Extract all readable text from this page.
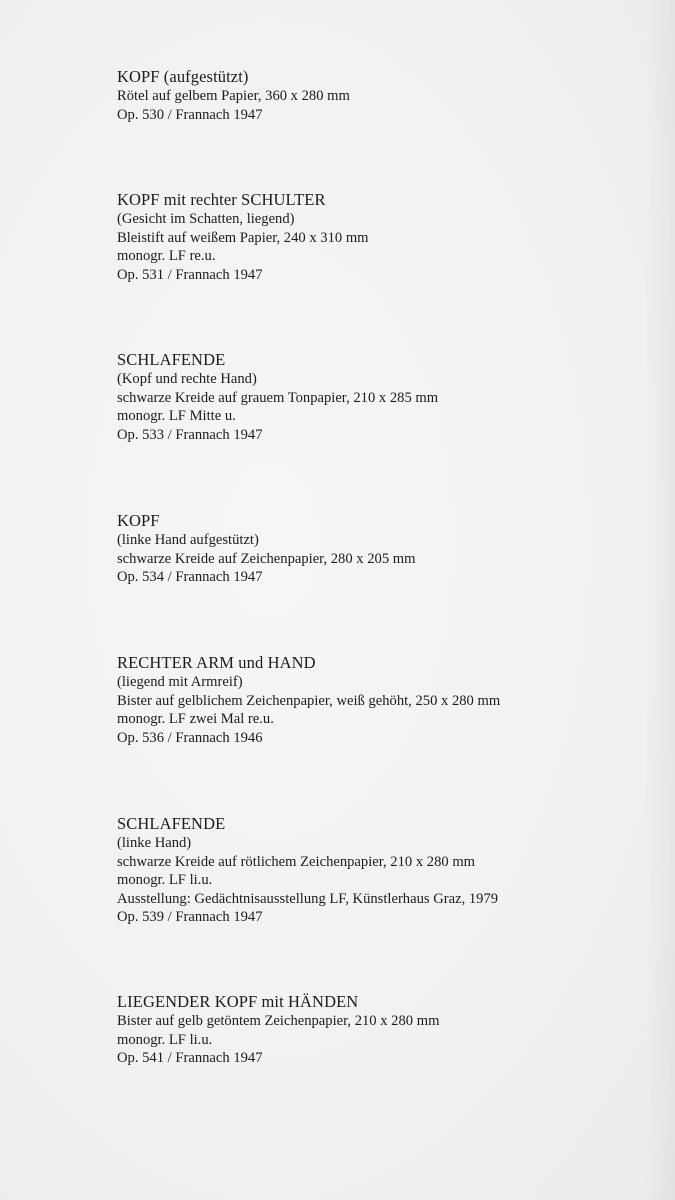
KOPF (aufgestützt)
Rötel auf gelbem Papier, 360 x 280 mm
Op. 530 / Frannach 1947
KOPF mit rechter SCHULTER
(Gesicht im Schatten, liegend)
Bleistift auf weißem Papier, 240 x 310 mm
monogr. LF re.u.
Op. 531 / Frannach 1947
SCHLAFENDE
(Kopf und rechte Hand)
schwarze Kreide auf grauem Tonpapier, 210 x 285 mm
monogr. LF Mitte u.
Op. 533 / Frannach 1947
KOPF
(linke Hand aufgestützt)
schwarze Kreide auf Zeichenpapier, 280 x 205 mm
Op. 534 / Frannach 1947
RECHTER ARM und HAND
(liegend mit Armreif)
Bister auf gelblichem Zeichenpapier, weiß gehöht, 250 x 280 mm
monogr. LF zwei Mal re.u.
Op. 536 / Frannach 1946
SCHLAFENDE
(linke Hand)
schwarze Kreide auf rötlichem Zeichenpapier, 210 x 280 mm
monogr. LF li.u.
Ausstellung: Gedächtnisausstellung LF, Künstlerhaus Graz, 1979
Op. 539 / Frannach 1947
LIEGENDER KOPF mit HÄNDEN
Bister auf gelb getöntem Zeichenpapier, 210 x 280 mm
monogr. LF li.u.
Op. 541 / Frannach 1947
